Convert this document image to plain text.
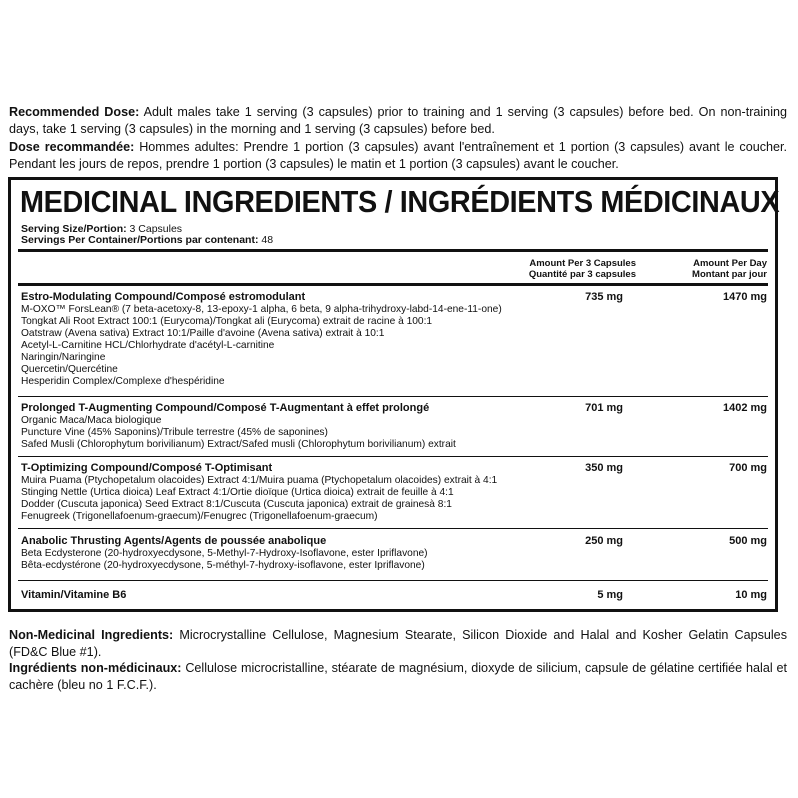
Recommended Dose: Adult males take 1 serving (3 capsules) prior to training and 1 serving (3 capsules) before bed. On non-training days, take 1 serving (3 capsules) in the morning and 1 serving (3 capsules) before bed.
Dose recommandée: Hommes adultes: Prendre 1 portion (3 capsules) avant l'entraînement et 1 portion (3 capsules) avant le coucher. Pendant les jours de repos, prendre 1 portion (3 capsules) le matin et 1 portion (3 capsules) avant le coucher.
MEDICINAL INGREDIENTS / INGRÉDIENTS MÉDICINAUX
Serving Size/Portion: 3 Capsules
Servings Per Container/Portions par contenant: 48
Amount Per 3 Capsules
Quantité par 3 capsules
Amount Per Day
Montant par jour
Estro-Modulating Compound/Composé estromodulant	735 mg	1470 mg
M-OXO™ ForsLean® (7 beta-acetoxy-8, 13-epoxy-1 alpha, 6 beta, 9 alpha-trihydroxy-labd-14-ene-11-one)
Tongkat Ali Root Extract 100:1 (Eurycoma)/Tongkat ali (Eurycoma) extrait de racine à 100:1
Oatstraw (Avena sativa) Extract 10:1/Paille d'avoine (Avena sativa) extrait à 10:1
Acetyl-L-Carnitine HCL/Chlorhydrate d'acétyl-L-carnitine
Naringin/Naringine
Quercetin/Quercétine
Hesperidin Complex/Complexe d'hespéridine
Prolonged T-Augmenting Compound/Composé T-Augmentant à effet prolongé	701 mg	1402 mg
Organic Maca/Maca biologique
Puncture Vine (45% Saponins)/Tribule terrestre (45% de saponines)
Safed Musli (Chlorophytum borivilianum) Extract/Safed musli (Chlorophytum borivilianum) extrait
T-Optimizing Compound/Composé T-Optimisant	350 mg	700 mg
Muira Puama (Ptychopetalum olacoides) Extract 4:1/Muira puama (Ptychopetalum olacoides) extrait à 4:1
Stinging Nettle (Urtica dioica) Leaf Extract 4:1/Ortie dioïque (Urtica dioica) extrait de feuille à 4:1
Dodder (Cuscuta japonica) Seed Extract 8:1/Cuscuta (Cuscuta japonica) extrait de grainesà 8:1
Fenugreek (Trigonellafoenum-graecum)/Fenugrec (Trigonellafoenum-graecum)
Anabolic Thrusting Agents/Agents de poussée anabolique	250 mg	500 mg
Beta Ecdysterone (20-hydroxyecdysone, 5-Methyl-7-Hydroxy-Isoflavone, ester Ipriflavone)
Bêta-ecdystérone (20-hydroxyecdysone, 5-méthyl-7-hydroxy-isoflavone, ester Ipriflavone)
Vitamin/Vitamine B6	5 mg	10 mg
Non-Medicinal Ingredients: Microcrystalline Cellulose, Magnesium Stearate, Silicon Dioxide and Halal and Kosher Gelatin Capsules (FD&C Blue #1).
Ingrédients non-médicinaux: Cellulose microcristalline, stéarate de magnésium, dioxyde de silicium, capsule de gélatine certifiée halal et cachère (bleu no 1 F.C.F.).
